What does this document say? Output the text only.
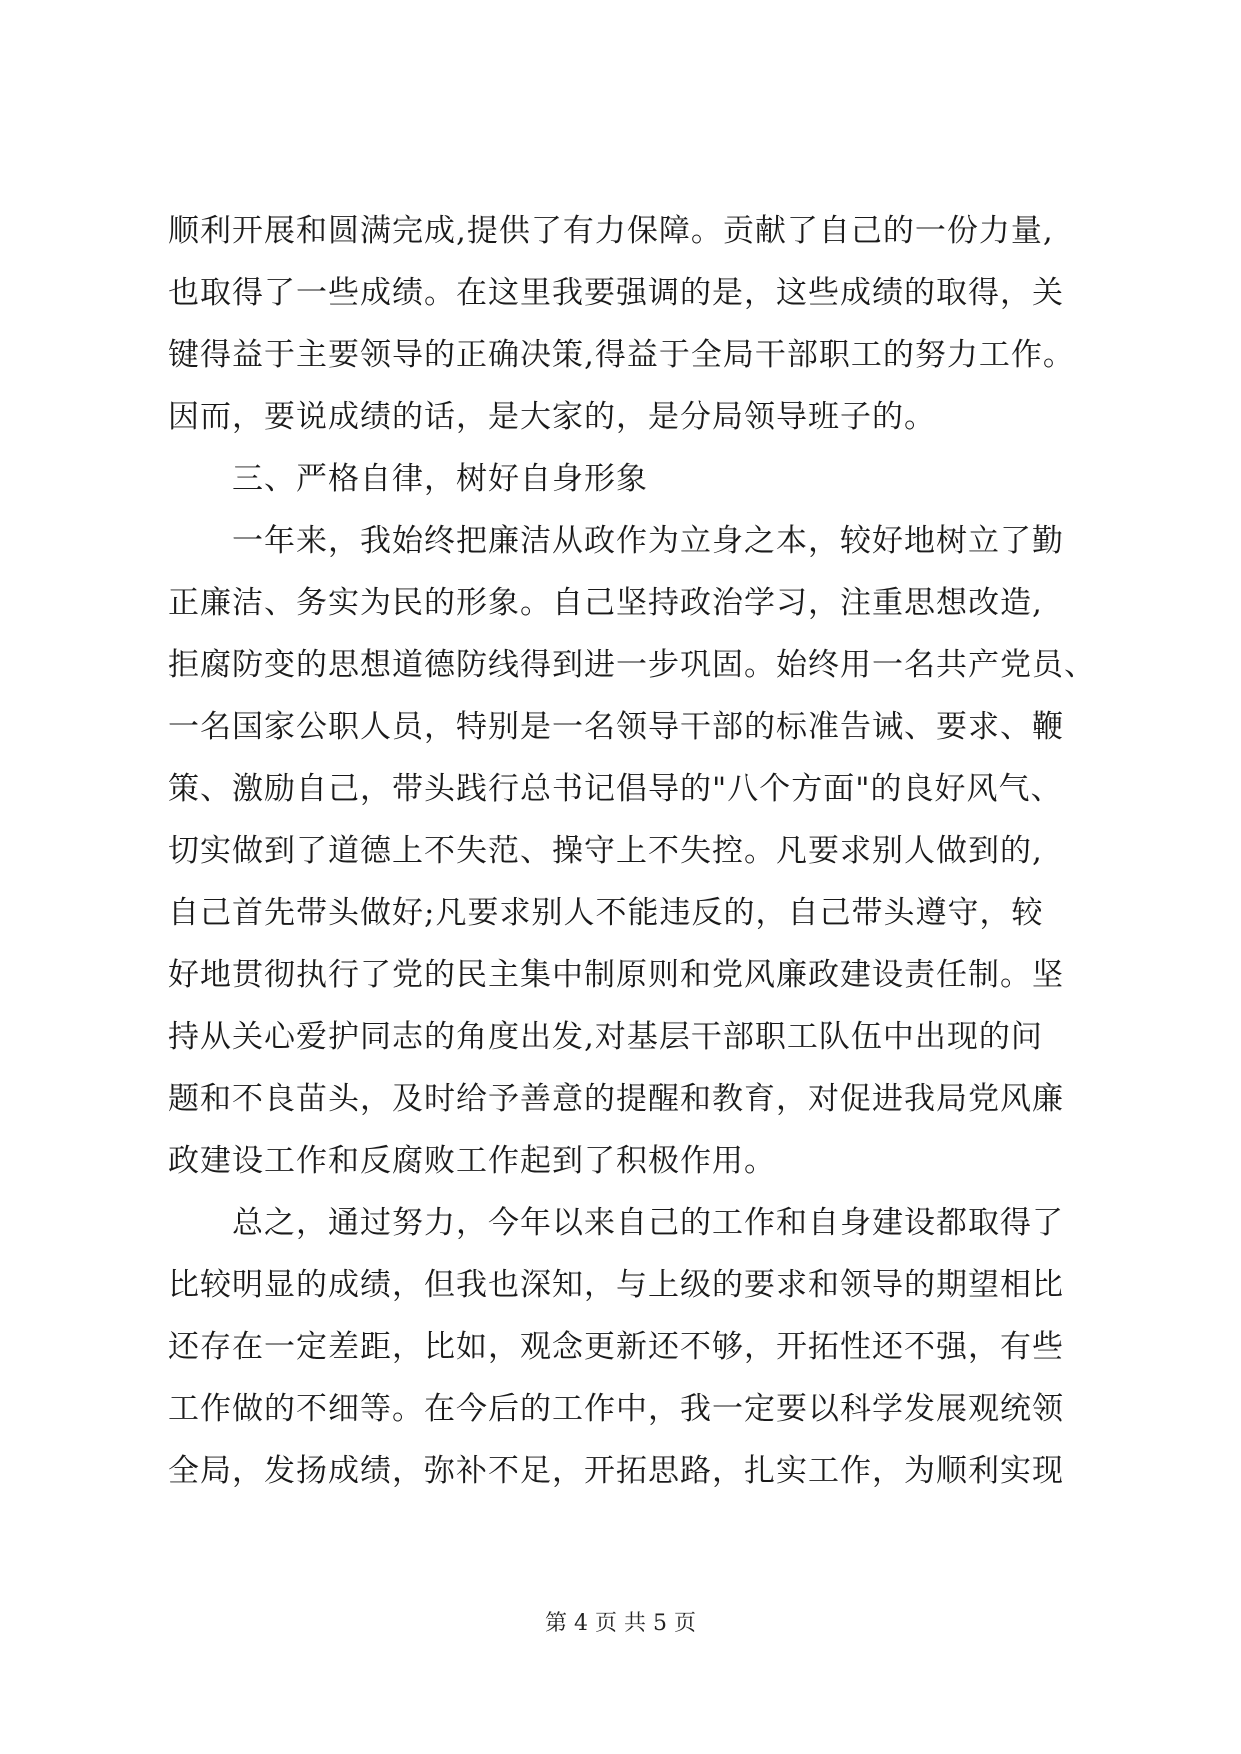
顺利开展和圆满完成,提供了有力保障。贡献了自己的一份力量,
也取得了一些成绩。在这里我要强调的是，这些成绩的取得，关
键得益于主要领导的正确决策,得益于全局干部职工的努力工作。
因而，要说成绩的话，是大家的，是分局领导班子的。
　　三、严格自律，树好自身形象
　　一年来，我始终把廉洁从政作为立身之本，较好地树立了勤
正廉洁、务实为民的形象。自己坚持政治学习，注重思想改造,
拒腐防变的思想道德防线得到进一步巩固。始终用一名共产党员、
一名国家公职人员，特别是一名领导干部的标准告诫、要求、鞭
策、激励自己，带头践行总书记倡导的"八个方面"的良好风气、
切实做到了道德上不失范、操守上不失控。凡要求别人做到的,
自己首先带头做好;凡要求别人不能违反的，自己带头遵守，较
好地贯彻执行了党的民主集中制原则和党风廉政建设责任制。坚
持从关心爱护同志的角度出发,对基层干部职工队伍中出现的问
题和不良苗头，及时给予善意的提醒和教育，对促进我局党风廉
政建设工作和反腐败工作起到了积极作用。
　　总之，通过努力，今年以来自己的工作和自身建设都取得了
比较明显的成绩，但我也深知，与上级的要求和领导的期望相比
还存在一定差距，比如，观念更新还不够，开拓性还不强，有些
工作做的不细等。在今后的工作中，我一定要以科学发展观统领
全局，发扬成绩，弥补不足，开拓思路，扎实工作，为顺利实现
第 4 页 共 5 页
